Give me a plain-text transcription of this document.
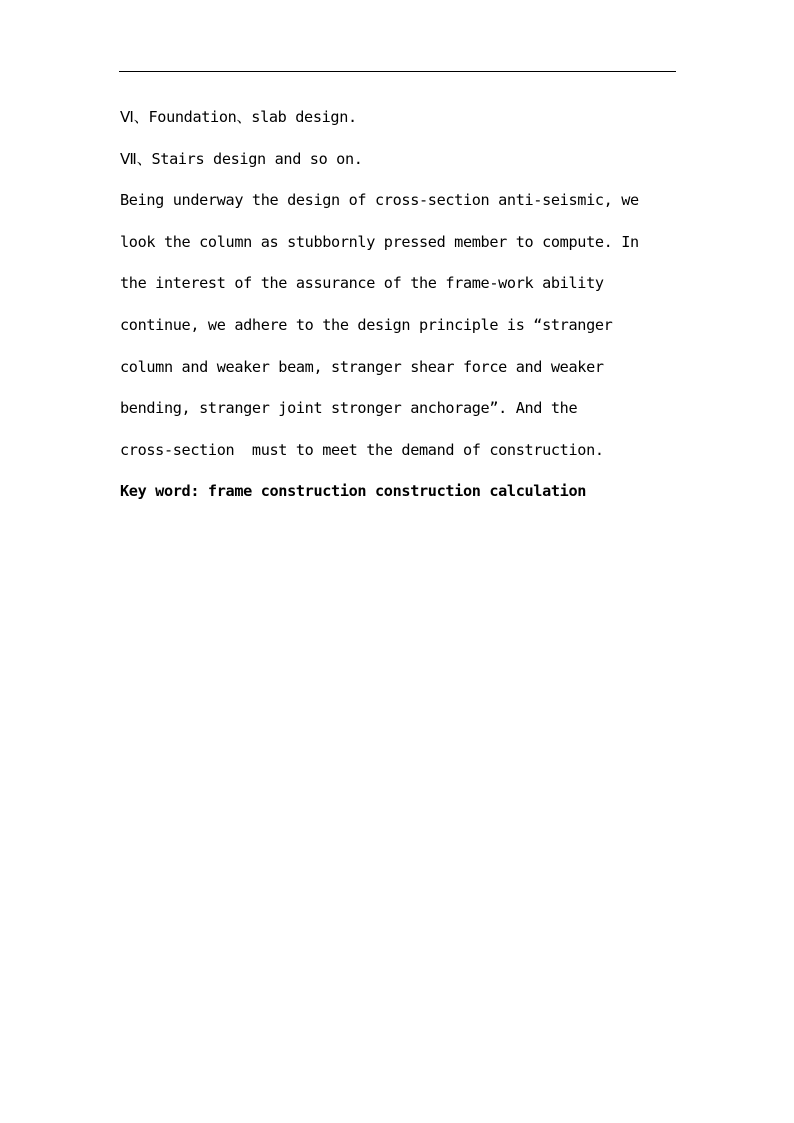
Ⅵ、Foundation、slab design.
Ⅶ、Stairs design and so on.
Being underway the design of cross-section anti-seismic, we
look the column as stubbornly pressed member to compute. In
the interest of the assurance of the frame-work ability
continue, we adhere to the design principle is “stranger
column and weaker beam, stranger shear force and weaker
bending, stranger joint stronger anchorage”. And the
cross-section  must to meet the demand of construction.
Key word: frame construction construction calculation
